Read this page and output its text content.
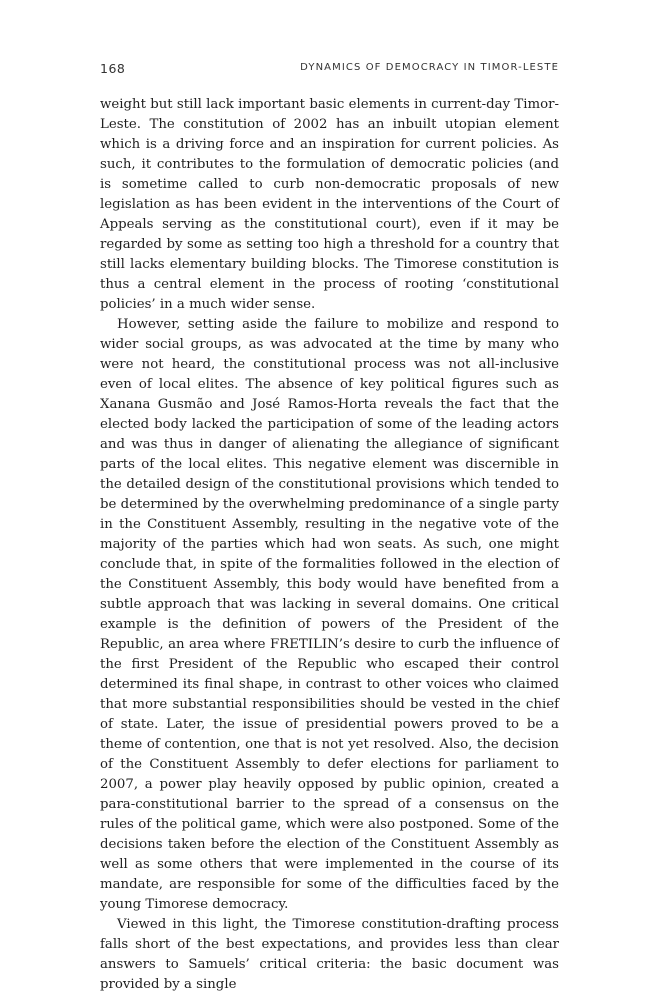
168	DYNAMICS OF DEMOCRACY IN TIMOR-LESTE

weight but still lack important basic elements in current-day Timor-Leste. The constitution of 2002 has an inbuilt utopian element which is a driving force and an inspiration for current policies. As such, it contributes to the formulation of democratic policies (and is sometime called to curb non-democratic proposals of new legislation as has been evident in the interventions of the Court of Appeals serving as the constitutional court), even if it may be regarded by some as setting too high a threshold for a country that still lacks elementary building blocks. The Timorese constitution is thus a central element in the process of rooting ‘constitutional policies’ in a much wider sense.

However, setting aside the failure to mobilize and respond to wider social groups, as was advocated at the time by many who were not heard, the constitutional process was not all-inclusive even of local elites. The absence of key political figures such as Xanana Gusmão and José Ramos-Horta reveals the fact that the elected body lacked the participation of some of the leading actors and was thus in danger of alienating the allegiance of significant parts of the local elites. This negative element was discernible in the detailed design of the constitutional provisions which tended to be determined by the overwhelming predominance of a single party in the Constituent Assembly, resulting in the negative vote of the majority of the parties which had won seats. As such, one might conclude that, in spite of the formalities followed in the election of the Constituent Assembly, this body would have benefited from a subtle approach that was lacking in several domains. One critical example is the definition of powers of the President of the Republic, an area where FRETILIN’s desire to curb the influence of the first President of the Republic who escaped their control determined its final shape, in contrast to other voices who claimed that more substantial responsibilities should be vested in the chief of state. Later, the issue of presidential powers proved to be a theme of contention, one that is not yet resolved. Also, the decision of the Constituent Assembly to defer elections for parliament to 2007, a power play heavily opposed by public opinion, created a para-constitutional barrier to the spread of a consensus on the rules of the political game, which were also postponed. Some of the decisions taken before the election of the Constituent Assembly as well as some others that were implemented in the course of its mandate, are responsible for some of the difficulties faced by the young Timorese democracy.

Viewed in this light, the Timorese constitution-drafting process falls short of the best expectations, and provides less than clear answers to Samuels’ critical criteria: the basic document was provided by a single
